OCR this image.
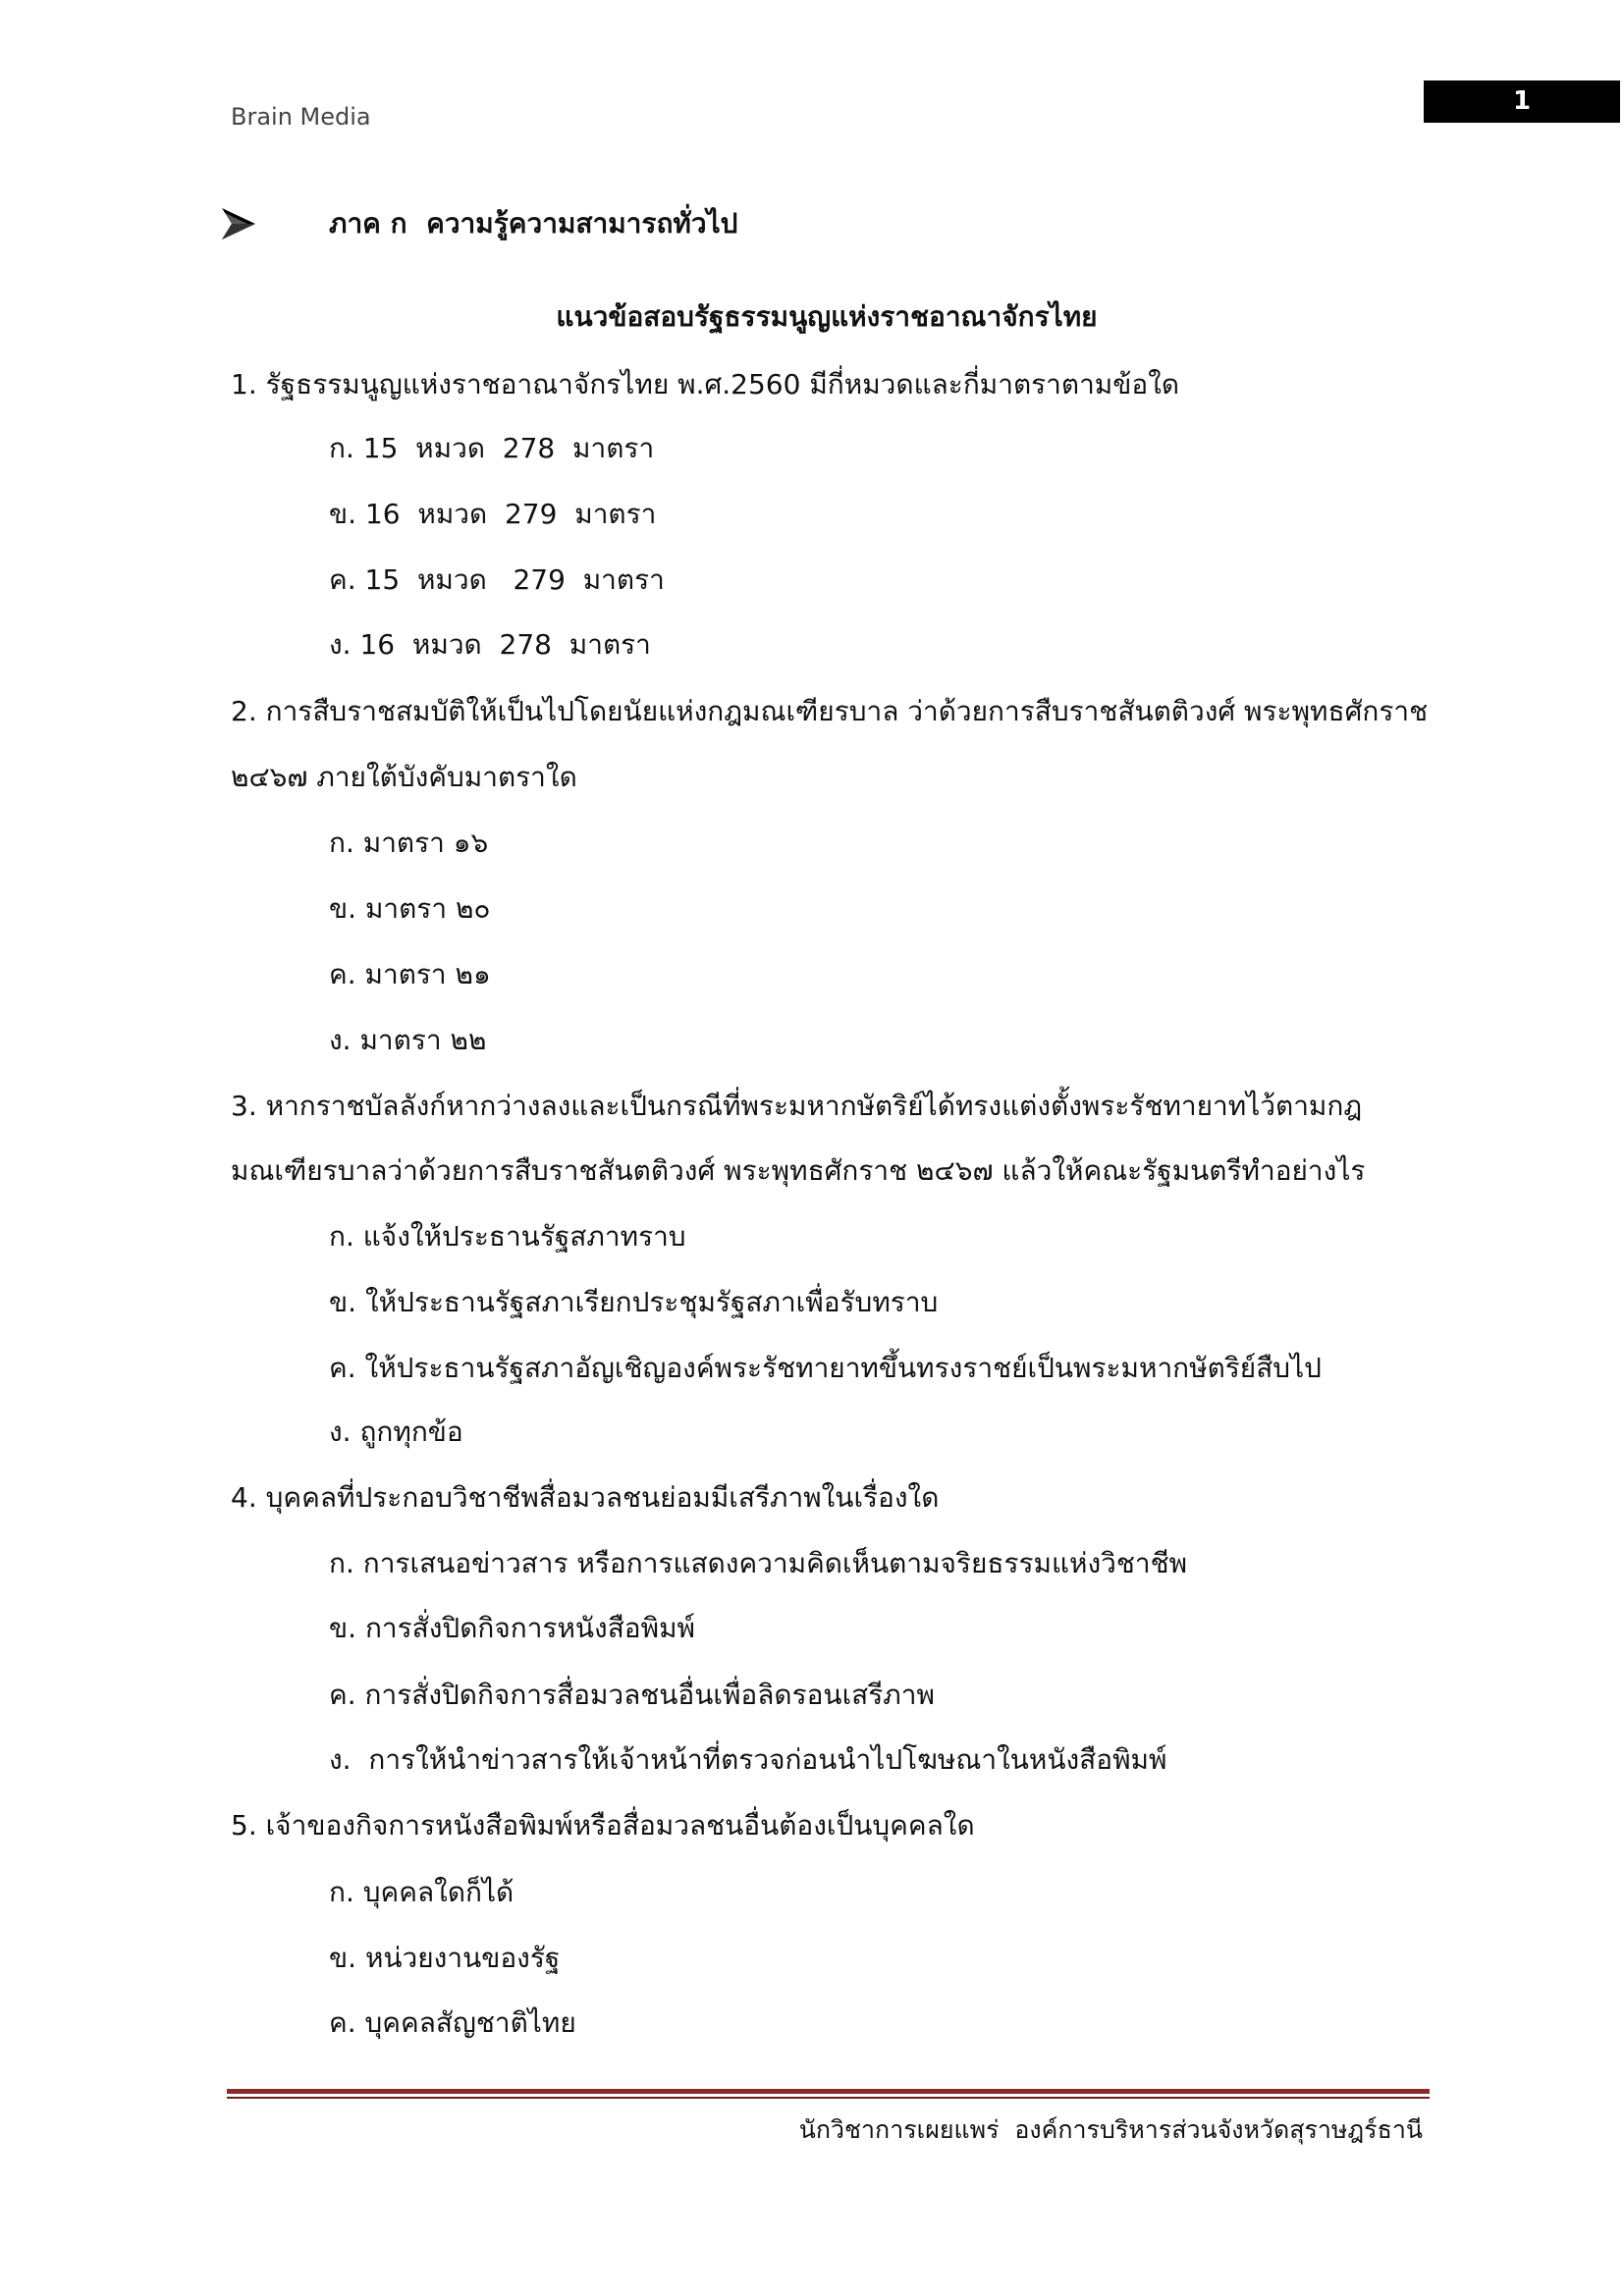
Brain Media
1
ภาค ก  ความรู้ความสามารถทั่วไป
แนวข้อสอบรัฐธรรมนูญแห่งราชอาณาจักรไทย
1. รัฐธรรมนูญแห่งราชอาณาจักรไทย พ.ศ.2560 มีกี่หมวดและกี่มาตราตามข้อใด
ก. 15  หมวด  278  มาตรา
ข. 16  หมวด  279  มาตรา
ค. 15  หมวด   279  มาตรา
ง. 16  หมวด  278  มาตรา
2. การสืบราชสมบัติให้เป็นไปโดยนัยแห่งกฎมณเฑียรบาล ว่าด้วยการสืบราชสันตติวงศ์ พระพุทธศักราช
๒๔๖๗ ภายใต้บังคับมาตราใด
ก. มาตรา ๑๖
ข. มาตรา ๒๐
ค. มาตรา ๒๑
ง. มาตรา ๒๒
3. หากราชบัลลังก์หากว่างลงและเป็นกรณีที่พระมหากษัตริย์ได้ทรงแต่งตั้งพระรัชทายาทไว้ตามกฎ
มณเฑียรบาลว่าด้วยการสืบราชสันตติวงศ์ พระพุทธศักราช ๒๔๖๗ แล้วให้คณะรัฐมนตรีทำอย่างไร
ก. แจ้งให้ประธานรัฐสภาทราบ
ข. ให้ประธานรัฐสภาเรียกประชุมรัฐสภาเพื่อรับทราบ
ค. ให้ประธานรัฐสภาอัญเชิญองค์พระรัชทายาทขึ้นทรงราชย์เป็นพระมหากษัตริย์สืบไป
ง. ถูกทุกข้อ
4. บุคคลที่ประกอบวิชาชีพสื่อมวลชนย่อมมีเสรีภาพในเรื่องใด
ก. การเสนอข่าวสาร หรือการแสดงความคิดเห็นตามจริยธรรมแห่งวิชาชีพ
ข. การสั่งปิดกิจการหนังสือพิมพ์
ค. การสั่งปิดกิจการสื่อมวลชนอื่นเพื่อลิดรอนเสรีภาพ
ง.  การให้นำข่าวสารให้เจ้าหน้าที่ตรวจก่อนนำไปโฆษณาในหนังสือพิมพ์
5. เจ้าของกิจการหนังสือพิมพ์หรือสื่อมวลชนอื่นต้องเป็นบุคคลใด
ก. บุคคลใดก็ได้
ข. หน่วยงานของรัฐ
ค. บุคคลสัญชาติไทย
นักวิชาการเผยแพร่  องค์การบริหารส่วนจังหวัดสุราษฎร์ธานี
